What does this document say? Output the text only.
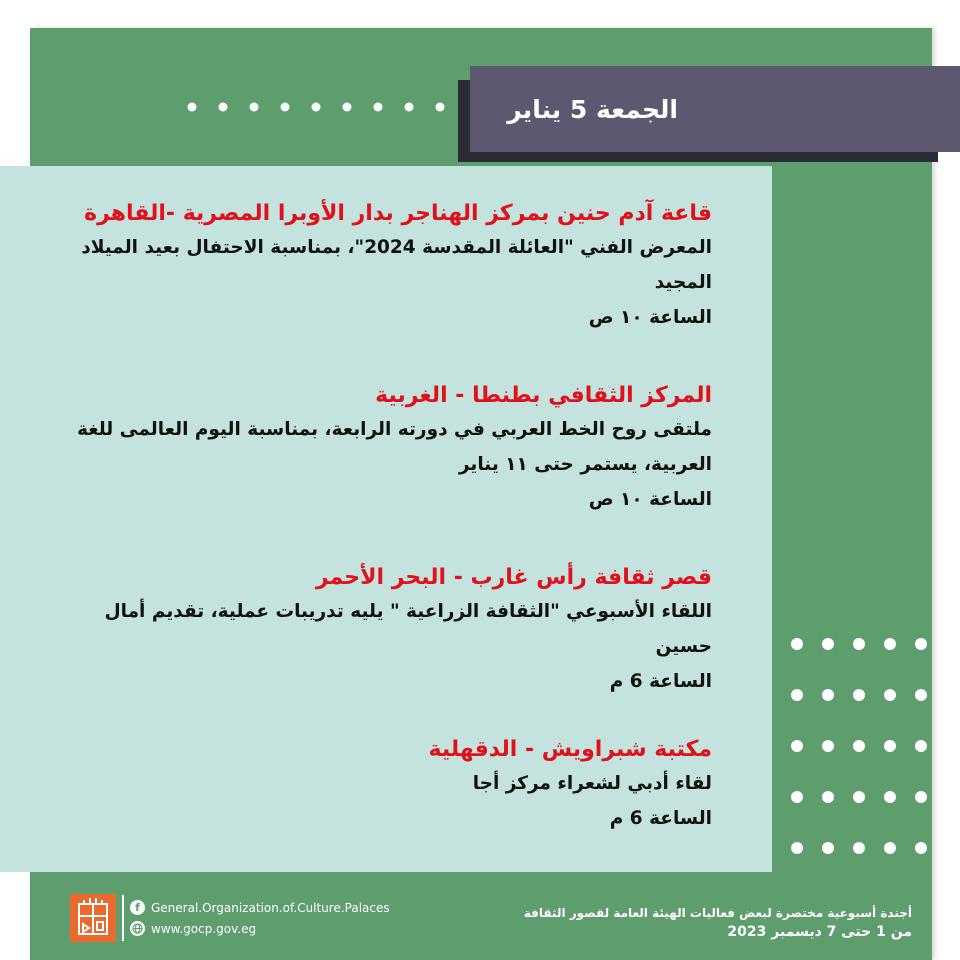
الجمعة 5 يناير
قاعة آدم حنين بمركز الهناجر بدار الأوبرا المصرية -القاهرة
المعرض الفني "العائلة المقدسة 2024"، بمناسبة الاحتفال بعيد الميلاد المجيد
الساعة ١٠ ص
المركز الثقافي بطنطا - الغربية
ملتقى روح الخط العربي في دورته الرابعة، بمناسبة اليوم العالمى للغة العربية، يستمر حتى ١١ يناير
الساعة ١٠ ص
قصر ثقافة رأس غارب - البحر الأحمر
اللقاء الأسبوعي "الثقافة الزراعية " يليه تدريبات عملية، تقديم أمال حسين
الساعة 6 م
مكتبة شبراويش - الدقهلية
لقاء أدبي لشعراء مركز أجا
الساعة 6 م
أجندة أسبوعية مختصرة لبعض فعاليات الهيئة العامة لقصور الثقافة
من 1 حتى 7 ديسمبر 2023
f General.Organization.of.Culture.Palaces
www.gocp.gov.eg
